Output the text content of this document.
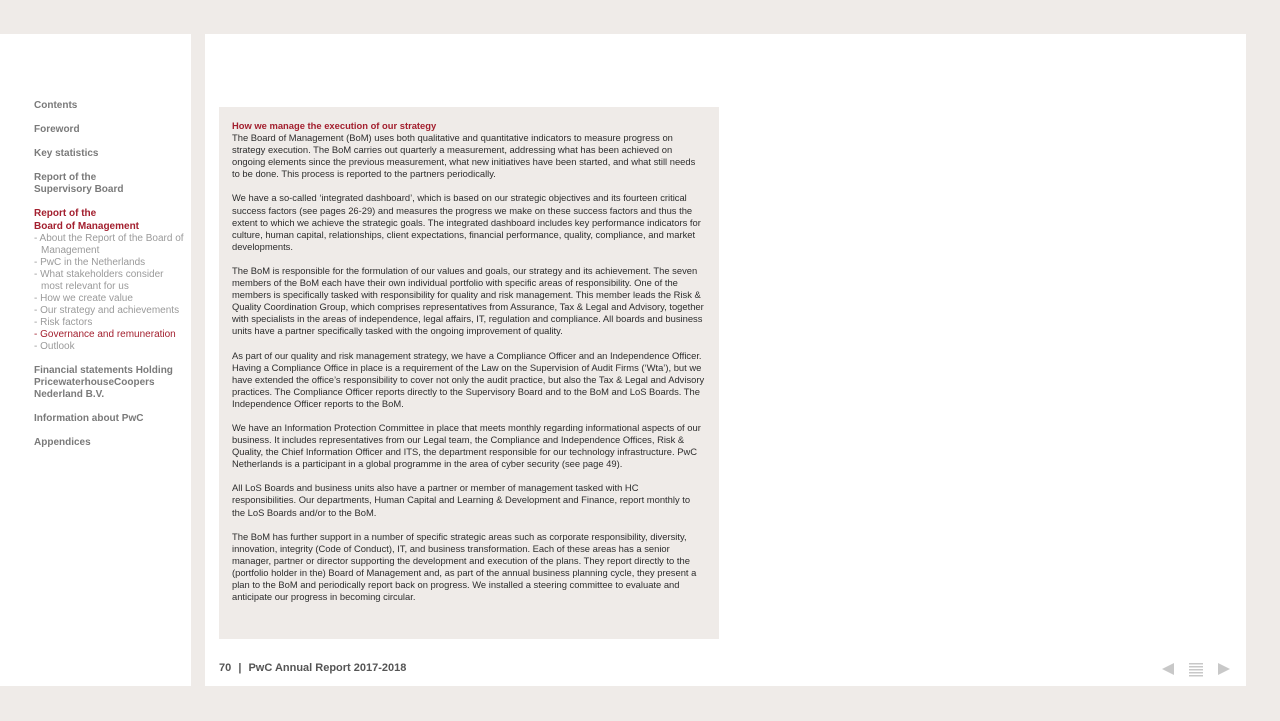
Contents
Foreword
Key statistics
Report of the
Supervisory Board
Report of the
Board of Management
- About the Report of the Board of Management
- PwC in the Netherlands
- What stakeholders consider most relevant for us
- How we create value
- Our strategy and achievements
- Risk factors
- Governance and remuneration
- Outlook
Financial statements Holding
PricewaterhouseCoopers
Nederland B.V.
Information about PwC
Appendices

How we manage the execution of our strategy

The Board of Management (BoM) uses both qualitative and quantitative indicators to measure progress on strategy execution. The BoM carries out quarterly a measurement, addressing what has been achieved on ongoing elements since the previous measurement, what new initiatives have been started, and what still needs to be done. This process is reported to the partners periodically.

We have a so-called ‘integrated dashboard’, which is based on our strategic objectives and its fourteen critical success factors (see pages 26-29) and measures the progress we make on these success factors and thus the extent to which we achieve the strategic goals. The integrated dashboard includes key performance indicators for culture, human capital, relationships, client expectations, financial performance, quality, compliance, and market developments.

The BoM is responsible for the formulation of our values and goals, our strategy and its achievement. The seven members of the BoM each have their own individual portfolio with specific areas of responsibility. One of the members is specifically tasked with responsibility for quality and risk management. This member leads the Risk & Quality Coordination Group, which comprises representatives from Assurance, Tax & Legal and Advisory, together with specialists in the areas of independence, legal affairs, IT, regulation and compliance. All boards and business units have a partner specifically tasked with the ongoing improvement of quality.

As part of our quality and risk management strategy, we have a Compliance Officer and an Independence Officer. Having a Compliance Office in place is a requirement of the Law on the Supervision of Audit Firms (‘Wta’), but we have extended the office’s responsibility to cover not only the audit practice, but also the Tax & Legal and Advisory practices. The Compliance Officer reports directly to the Supervisory Board and to the BoM and LoS Boards. The Independence Officer reports to the BoM.

We have an Information Protection Committee in place that meets monthly regarding informational aspects of our business. It includes representatives from our Legal team, the Compliance and Independence Offices, Risk & Quality, the Chief Information Officer and ITS, the department responsible for our technology infrastructure. PwC Netherlands is a participant in a global programme in the area of cyber security (see page 49).

All LoS Boards and business units also have a partner or member of management tasked with HC responsibilities. Our departments, Human Capital and Learning & Development and Finance, report monthly to the LoS Boards and/or to the BoM.

The BoM has further support in a number of specific strategic areas such as corporate responsibility, diversity, innovation, integrity (Code of Conduct), IT, and business transformation. Each of these areas has a senior manager, partner or director supporting the development and execution of the plans. They report directly to the (portfolio holder in the) Board of Management and, as part of the annual business planning cycle, they present a plan to the BoM and periodically report back on progress. We installed a steering committee to evaluate and anticipate our progress in becoming circular.

70 | PwC Annual Report 2017-2018
